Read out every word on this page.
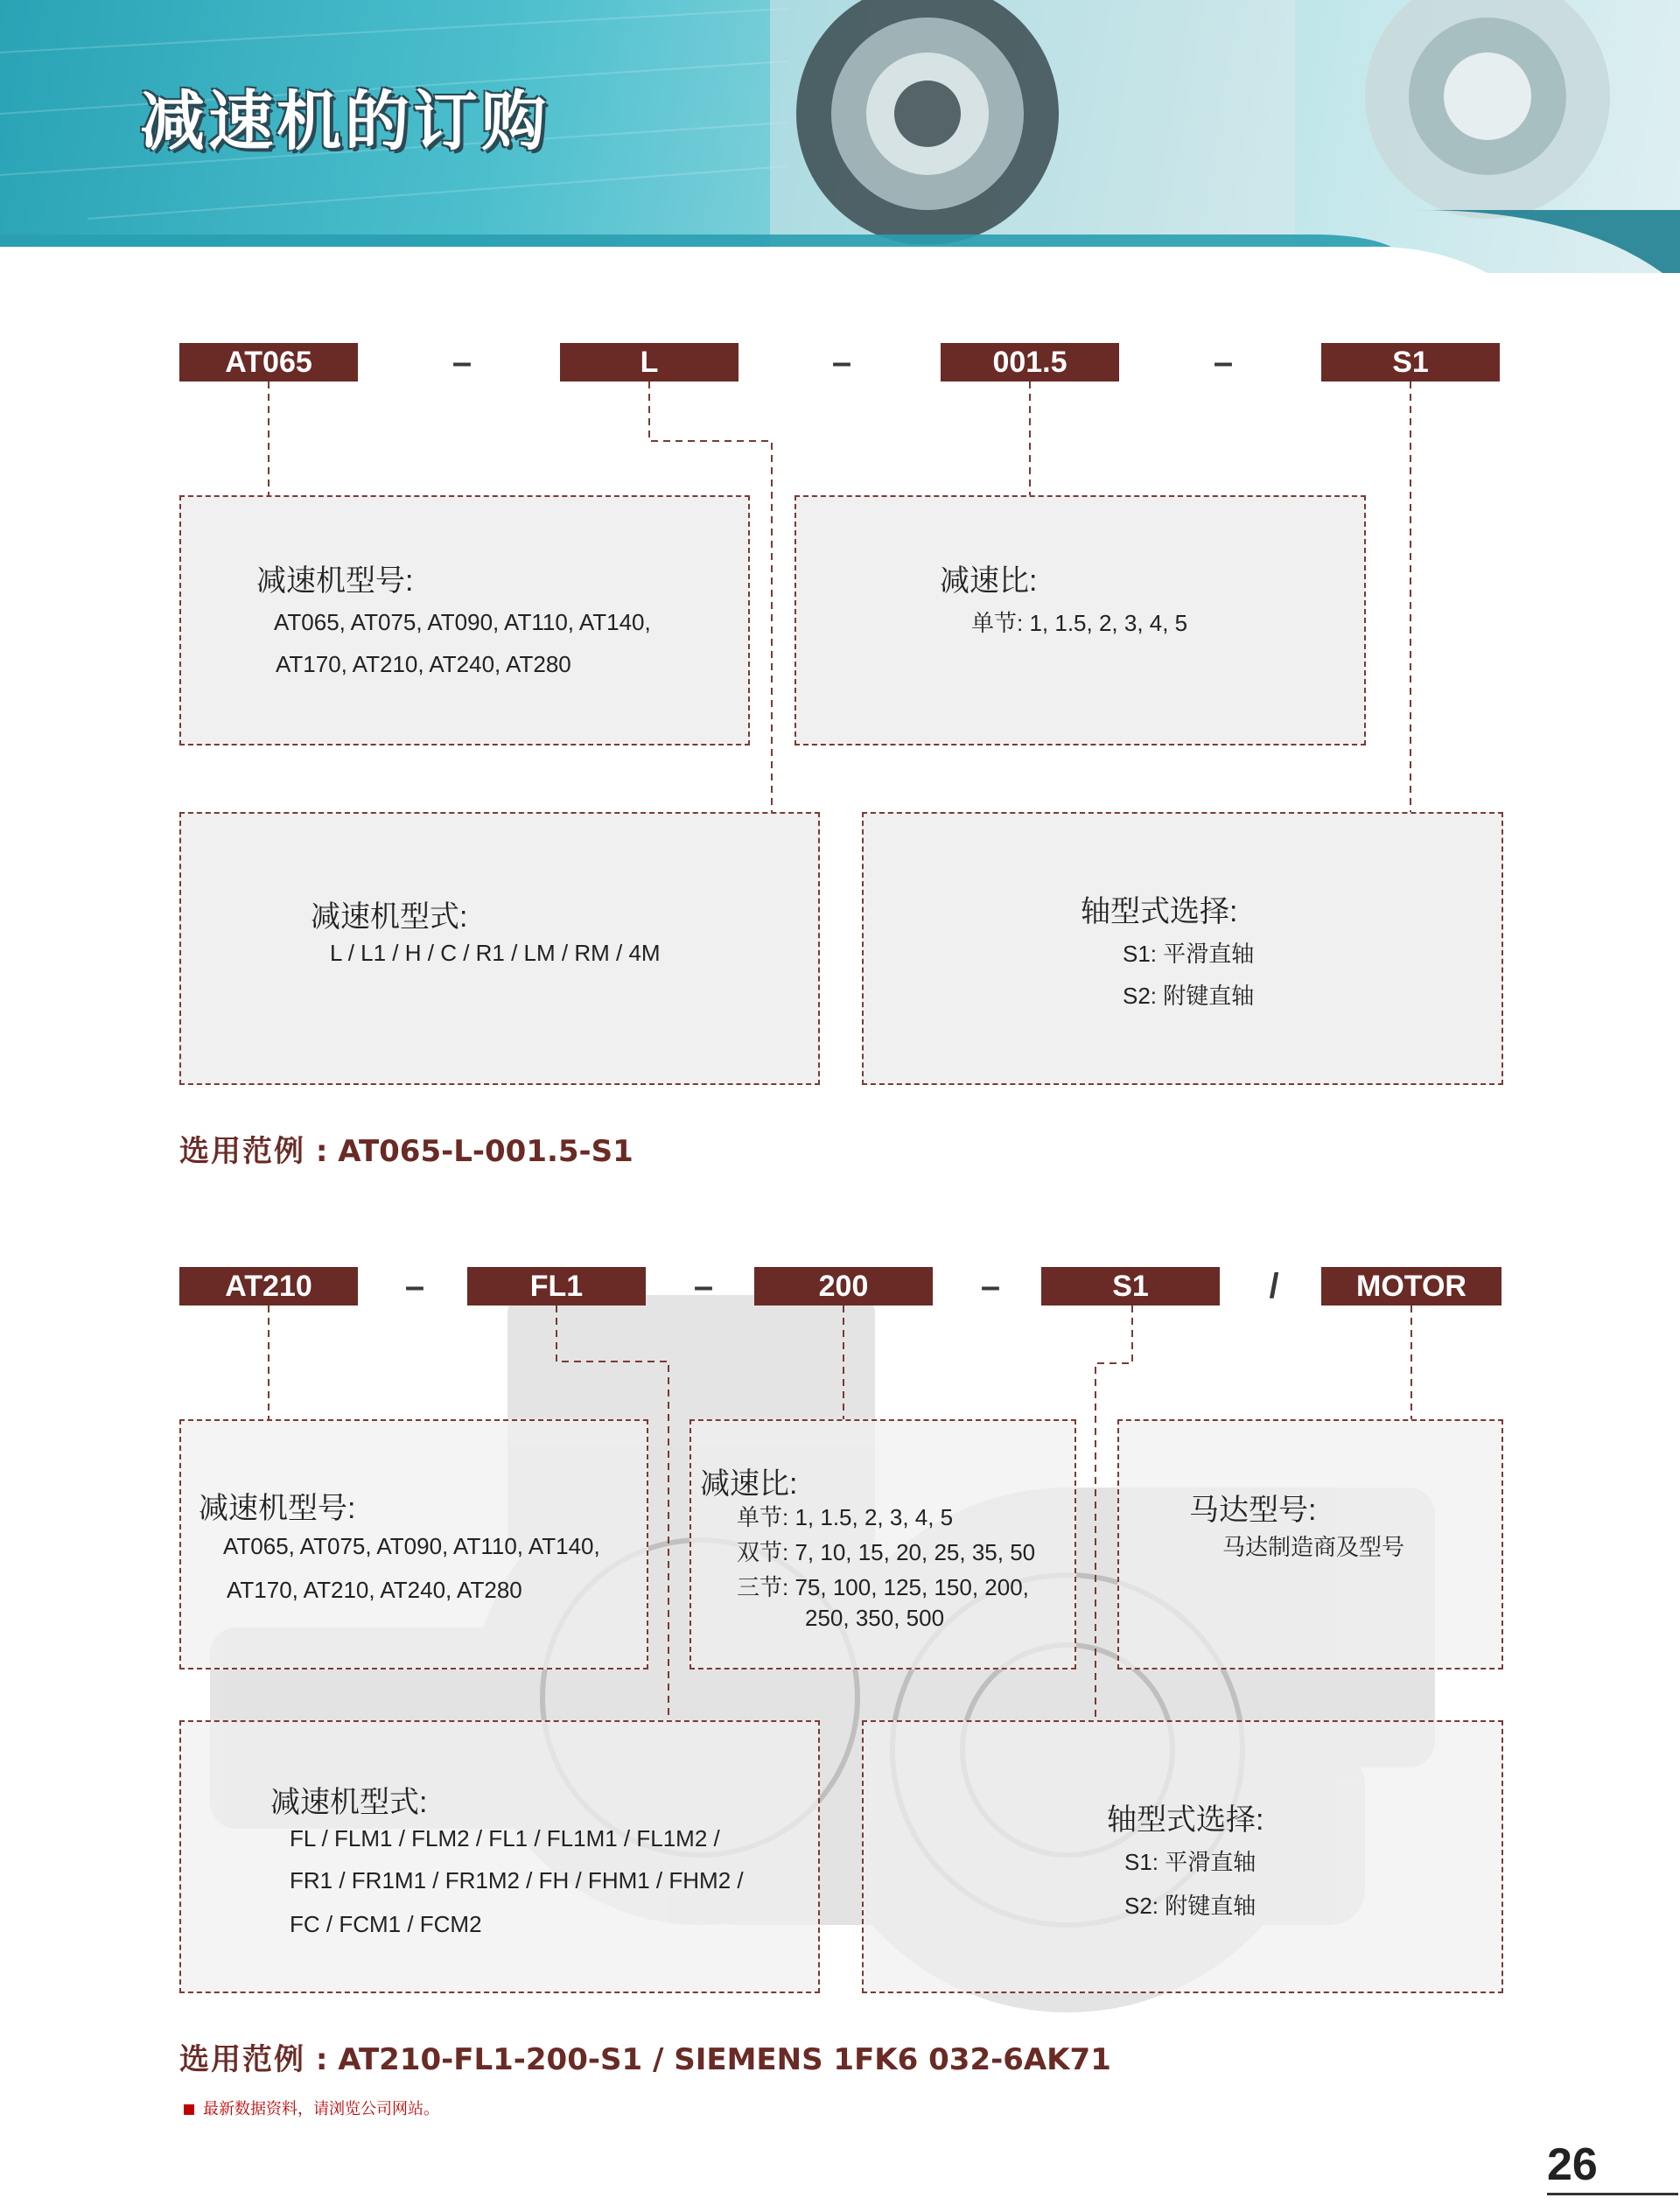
减速机的订购
AT065	–	L	–	001.5	–	S1
减速机型号:
AT065, AT075, AT090, AT110, AT140,
AT170, AT210, AT240, AT280
减速比:
单节: 1, 1.5, 2, 3, 4, 5
减速机型式:
L / L1 / H / C / R1 / LM / RM / 4M
轴型式选择:
S1: 平滑直轴
S2: 附键直轴
选用范例 : AT065-L-001.5-S1
AT210	–	FL1	–	200	–	S1	/	MOTOR
减速机型号:
AT065, AT075, AT090, AT110, AT140,
AT170, AT210, AT240, AT280
减速比:
单节: 1, 1.5, 2, 3, 4, 5
双节: 7, 10, 15, 20, 25, 35, 50
三节: 75, 100, 125, 150, 200,
250, 350, 500
马达型号:
马达制造商及型号
减速机型式:
FL / FLM1 / FLM2 / FL1 / FL1M1 / FL1M2 /
FR1 / FR1M1 / FR1M2 / FH / FHM1 / FHM2 /
FC / FCM1 / FCM2
轴型式选择:
S1: 平滑直轴
S2: 附键直轴
选用范例 : AT210-FL1-200-S1 / SIEMENS 1FK6 032-6AK71
最新数据资料，请浏览公司网站。
26
